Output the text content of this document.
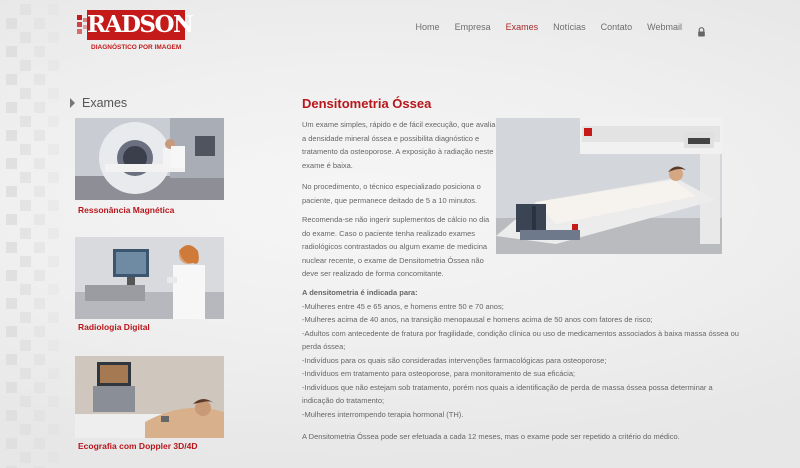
RADSON
DIAGNÓSTICO POR IMAGEM
Home Empresa Exames Notícias Contato Webmail
Exames
Ressonância Magnética
Radiologia Digital
Ecografia com Doppler 3D/4D
Densitometria Óssea

Um exame simples, rápido e de fácil execução, que avalia a densidade mineral óssea e possibilita diagnóstico e tratamento da osteoporose. A exposição à radiação neste exame é baixa.

No procedimento, o técnico especializado posiciona o paciente, que permanece deitado de 5 a 10 minutos.

Recomenda-se não ingerir suplementos de cálcio no dia do exame. Caso o paciente tenha realizado exames radiológicos contrastados ou algum exame de medicina nuclear recente, o exame de Densitometria Óssea não deve ser realizado de forma concomitante.

A densitometria é indicada para:
-Mulheres entre 45 e 65 anos, e homens entre 50 e 70 anos;
-Mulheres acima de 40 anos, na transição menopausal e homens acima de 50 anos com fatores de risco;
-Adultos com antecedente de fratura por fragilidade, condição clínica ou uso de medicamentos associados à baixa massa óssea ou perda óssea;
-Indivíduos para os quais são consideradas intervenções farmacológicas para osteoporose;
-Indivíduos em tratamento para osteoporose, para monitoramento de sua eficácia;
-Indivíduos que não estejam sob tratamento, porém nos quais a identificação de perda de massa óssea possa determinar a indicação do tratamento;
-Mulheres interrompendo terapia hormonal (TH).

A Densitometria Óssea pode ser efetuada a cada 12 meses, mas o exame pode ser repetido a critério do médico.
